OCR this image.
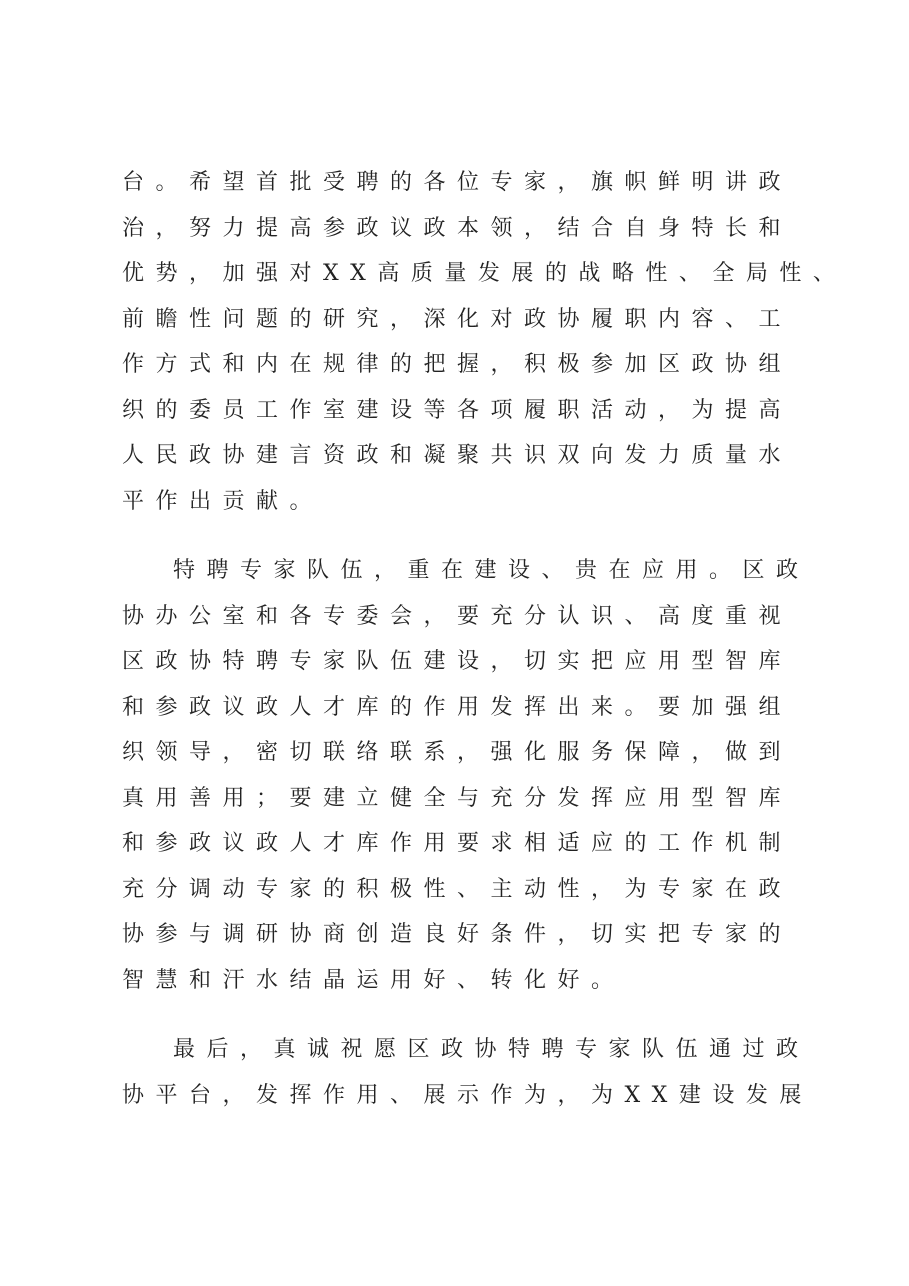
台。希望首批受聘的各位专家，旗帜鲜明讲政
治，努力提高参政议政本领，结合自身特长和
优势，加强对XX高质量发展的战略性、全局性、
前瞻性问题的研究，深化对政协履职内容、工
作方式和内在规律的把握，积极参加区政协组
织的委员工作室建设等各项履职活动，为提高
人民政协建言资政和凝聚共识双向发力质量水
平作出贡献。
特聘专家队伍，重在建设、贵在应用。区政
协办公室和各专委会，要充分认识、高度重视
区政协特聘专家队伍建设，切实把应用型智库
和参政议政人才库的作用发挥出来。要加强组
织领导，密切联络联系，强化服务保障，做到
真用善用；要建立健全与充分发挥应用型智库
和参政议政人才库作用要求相适应的工作机制
充分调动专家的积极性、主动性，为专家在政
协参与调研协商创造良好条件，切实把专家的
智慧和汗水结晶运用好、转化好。
最后，真诚祝愿区政协特聘专家队伍通过政
协平台，发挥作用、展示作为，为XX建设发展
